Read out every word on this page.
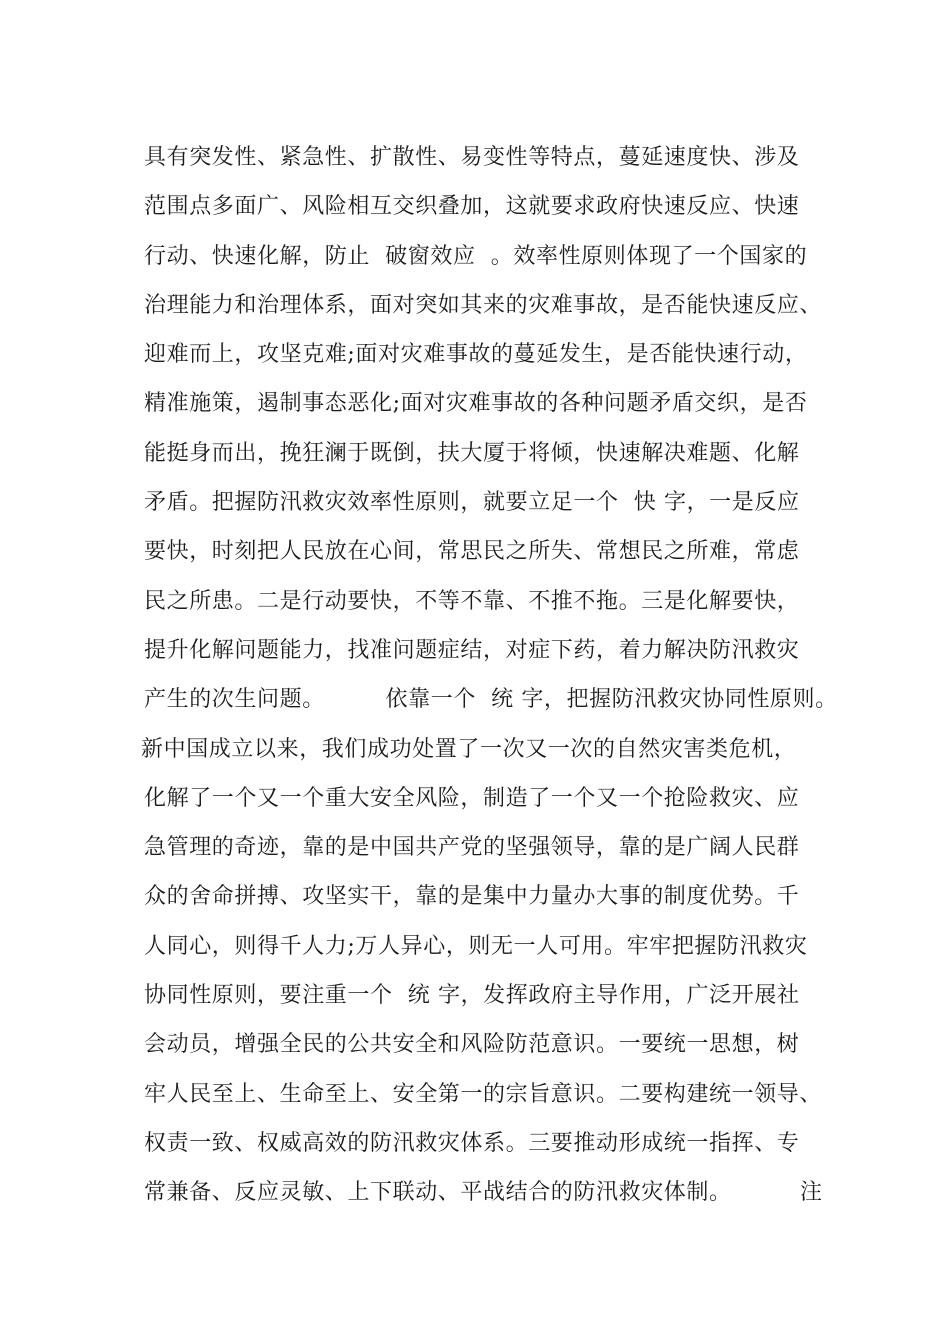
具有突发性、紧急性、扩散性、易变性等特点，蔓延速度快、涉及
范围点多面广、风险相互交织叠加，这就要求政府快速反应、快速
行动、快速化解，防止  破窗效应  。效率性原则体现了一个国家的
治理能力和治理体系，面对突如其来的灾难事故，是否能快速反应、
迎难而上，攻坚克难;面对灾难事故的蔓延发生，是否能快速行动，
精准施策，遏制事态恶化;面对灾难事故的各种问题矛盾交织，是否
能挺身而出，挽狂澜于既倒，扶大厦于将倾，快速解决难题、化解
矛盾。把握防汛救灾效率性原则，就要立足一个  快 字，一是反应
要快，时刻把人民放在心间，常思民之所失、常想民之所难，常虑
民之所患。二是行动要快，不等不靠、不推不拖。三是化解要快，
提升化解问题能力，找准问题症结，对症下药，着力解决防汛救灾
产生的次生问题。        依靠一个  统 字，把握防汛救灾协同性原则。
新中国成立以来，我们成功处置了一次又一次的自然灾害类危机，
化解了一个又一个重大安全风险，制造了一个又一个抢险救灾、应
急管理的奇迹，靠的是中国共产党的坚强领导，靠的是广阔人民群
众的舍命拼搏、攻坚实干，靠的是集中力量办大事的制度优势。千
人同心，则得千人力;万人异心，则无一人可用。牢牢把握防汛救灾
协同性原则，要注重一个  统 字，发挥政府主导作用，广泛开展社
会动员，增强全民的公共安全和风险防范意识。一要统一思想，树
牢人民至上、生命至上、安全第一的宗旨意识。二要构建统一领导、
权责一致、权威高效的防汛救灾体系。三要推动形成统一指挥、专
常兼备、反应灵敏、上下联动、平战结合的防汛救灾体制。         注
